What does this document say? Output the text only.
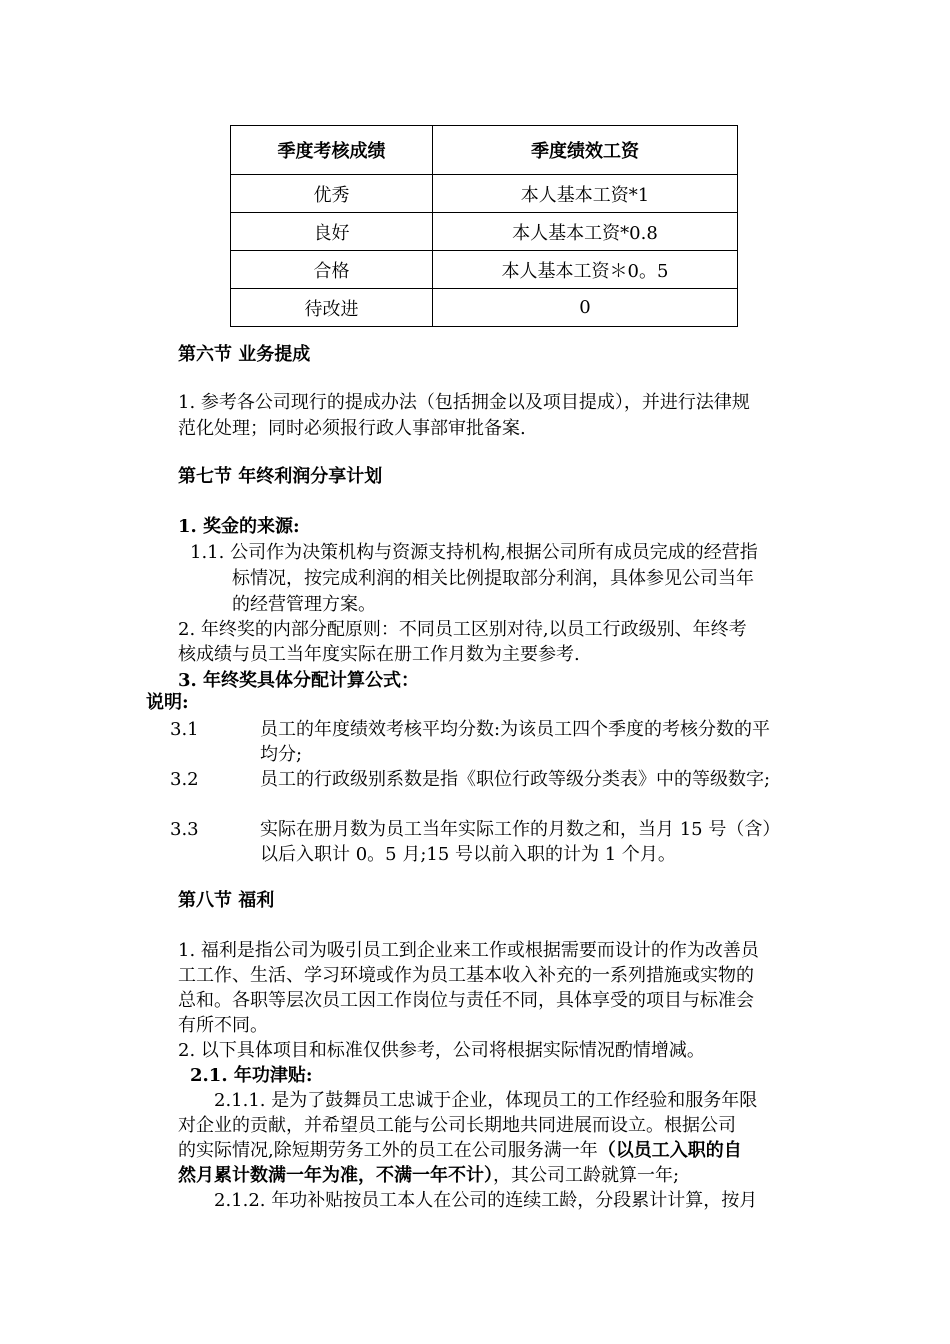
季度考核成绩	季度绩效工资
优秀	本人基本工资*1
良好	本人基本工资*0.8
合格	本人基本工资＊0。5
待改进	0
第六节 业务提成
1. 参考各公司现行的提成办法（包括拥金以及项目提成），并进行法律规
范化处理；同时必须报行政人事部审批备案.
第七节 年终利润分享计划
1. 奖金的来源:
1.1. 公司作为决策机构与资源支持机构,根据公司所有成员完成的经营指
标情况，按完成利润的相关比例提取部分利润，具体参见公司当年
的经营管理方案。
2. 年终奖的内部分配原则：不同员工区别对待,以员工行政级别、年终考
核成绩与员工当年度实际在册工作月数为主要参考.
3. 年终奖具体分配计算公式：
说明:
3.1	员工的年度绩效考核平均分数:为该员工四个季度的考核分数的平
均分;
3.2	员工的行政级别系数是指《职位行政等级分类表》中的等级数字;
3.3	实际在册月数为员工当年实际工作的月数之和，当月 15 号（含）
以后入职计 0。5 月;15 号以前入职的计为 1 个月。
第八节 福利
1. 福利是指公司为吸引员工到企业来工作或根据需要而设计的作为改善员
工工作、生活、学习环境或作为员工基本收入补充的一系列措施或实物的
总和。各职等层次员工因工作岗位与责任不同，具体享受的项目与标准会
有所不同。
2. 以下具体项目和标准仅供参考，公司将根据实际情况酌情增减。
2.1. 年功津贴:
2.1.1. 是为了鼓舞员工忠诚于企业，体现员工的工作经验和服务年限
对企业的贡献，并希望员工能与公司长期地共同进展而设立。根据公司
的实际情况,除短期劳务工外的员工在公司服务满一年（以员工入职的自
然月累计数满一年为准，不满一年不计），其公司工龄就算一年;
2.1.2. 年功补贴按员工本人在公司的连续工龄，分段累计计算，按月
